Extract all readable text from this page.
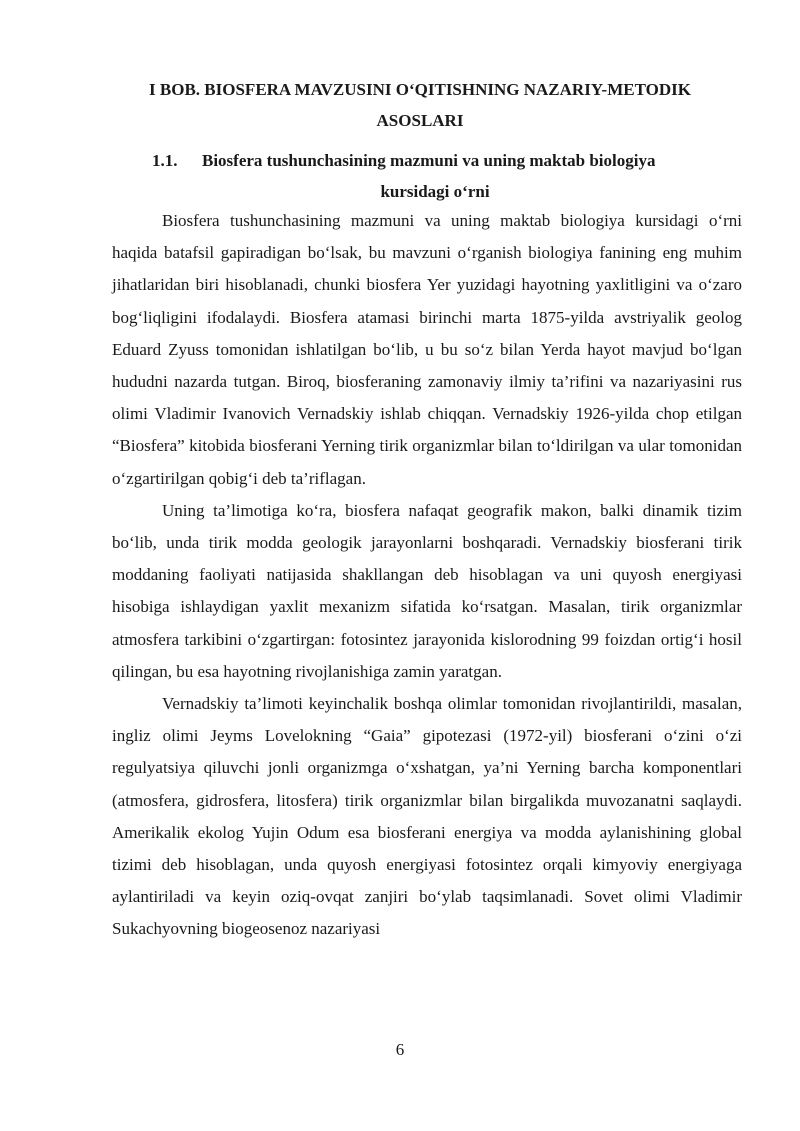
I BOB. BIOSFERA MAVZUSINI O‘QITISHNING NAZARIY-METODIK ASOSLARI
1.1. Biosfera tushunchasining mazmuni va uning maktab biologiya
kursidagi o‘rni

Biosfera tushunchasining mazmuni va uning maktab biologiya kursidagi o‘rni haqida batafsil gapiradigan bo‘lsak, bu mavzuni o‘rganish biologiya fanining eng muhim jihatlaridan biri hisoblanadi, chunki biosfera Yer yuzidagi hayotning yaxlitligini va o‘zaro bog‘liqligini ifodalaydi. Biosfera atamasi birinchi marta 1875-yilda avstriyalik geolog Eduard Zyuss tomonidan ishlatilgan bo‘lib, u bu so‘z bilan Yerda hayot mavjud bo‘lgan hududni nazarda tutgan. Biroq, biosferaning zamonaviy ilmiy ta’rifini va nazariyasini rus olimi Vladimir Ivanovich Vernadskiy ishlab chiqqan. Vernadskiy 1926-yilda chop etilgan “Biosfera” kitobida biosferani Yerning tirik organizmlar bilan to‘ldirilgan va ular tomonidan o‘zgartirilgan qobig‘i deb ta’riflagan.

Uning ta’limotiga ko‘ra, biosfera nafaqat geografik makon, balki dinamik tizim bo‘lib, unda tirik modda geologik jarayonlarni boshqaradi. Vernadskiy biosferani tirik moddaning faoliyati natijasida shakllangan deb hisoblagan va uni quyosh energiyasi hisobiga ishlaydigan yaxlit mexanizm sifatida ko‘rsatgan. Masalan, tirik organizmlar atmosfera tarkibini o‘zgartirgan: fotosintez jarayonida kislorodning 99 foizdan ortig‘i hosil qilingan, bu esa hayotning rivojlanishiga zamin yaratgan.

Vernadskiy ta’limoti keyinchalik boshqa olimlar tomonidan rivojlantirildi, masalan, ingliz olimi Jeyms Lovelokning “Gaia” gipotezasi (1972-yil) biosferani o‘zini o‘zi regulyatsiya qiluvchi jonli organizmga o‘xshatgan, ya’ni Yerning barcha komponentlari (atmosfera, gidrosfera, litosfera) tirik organizmlar bilan birgalikda muvozanatni saqlaydi. Amerikalik ekolog Yujin Odum esa biosferani energiya va modda aylanishining global tizimi deb hisoblagan, unda quyosh energiyasi fotosintez orqali kimyoviy energiyaga aylantiriladi va keyin oziq-ovqat zanjiri bo‘ylab taqsimlanadi. Sovet olimi Vladimir Sukachyovning biogeosenoz nazariyasi

6
